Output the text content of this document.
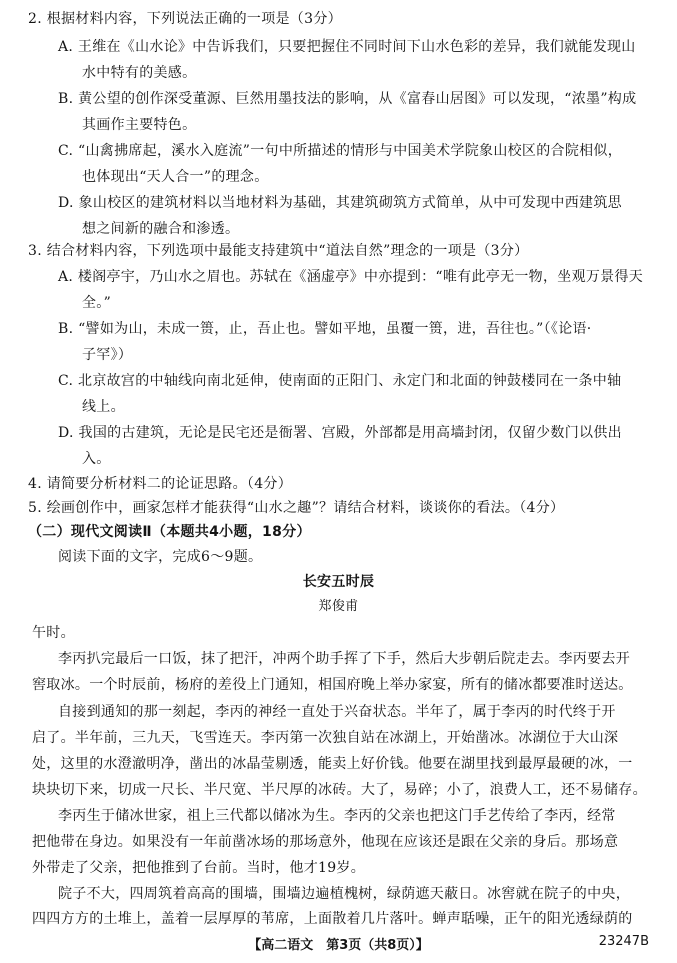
2. 根据材料内容，下列说法正确的一项是（3分）
A. 王维在《山水论》中告诉我们，只要把握住不同时间下山水色彩的差异，我们就能发现山
水中特有的美感。
B. 黄公望的创作深受董源、巨然用墨技法的影响，从《富春山居图》可以发现，“浓墨”构成
其画作主要特色。
C. “山禽拂席起，溪水入庭流”一句中所描述的情形与中国美术学院象山校区的合院相似，
也体现出“天人合一”的理念。
D. 象山校区的建筑材料以当地材料为基础，其建筑砌筑方式简单，从中可发现中西建筑思
想之间新的融合和渗透。
3. 结合材料内容，下列选项中最能支持建筑中“道法自然”理念的一项是（3分）
A. 楼阁亭宇，乃山水之眉也。苏轼在《涵虚亭》中亦提到：“唯有此亭无一物，坐观万景得天
全。”
B. “譬如为山，未成一篑，止，吾止也。譬如平地，虽覆一篑，进，吾往也。”（《论语·
子罕》）
C. 北京故宫的中轴线向南北延伸，使南面的正阳门、永定门和北面的钟鼓楼同在一条中轴
线上。
D. 我国的古建筑，无论是民宅还是衙署、宫殿，外部都是用高墙封闭，仅留少数门以供出
入。
4. 请简要分析材料二的论证思路。（4分）
5. 绘画创作中，画家怎样才能获得“山水之趣”？请结合材料，谈谈你的看法。（4分）
（二）现代文阅读Ⅱ（本题共4小题，18分）
阅读下面的文字，完成6～9题。
长安五时辰
郑俊甫
午时。
李丙扒完最后一口饭，抹了把汗，冲两个助手挥了下手，然后大步朝后院走去。李丙要去开
窖取冰。一个时辰前，杨府的差役上门通知，相国府晚上举办家宴，所有的储冰都要准时送达。
自接到通知的那一刻起，李丙的神经一直处于兴奋状态。半年了，属于李丙的时代终于开
启了。半年前，三九天，飞雪连天。李丙第一次独自站在冰湖上，开始凿冰。冰湖位于大山深
处，这里的水澄澈明净，凿出的冰晶莹剔透，能卖上好价钱。他要在湖里找到最厚最硬的冰，一
块块切下来，切成一尺长、半尺宽、半尺厚的冰砖。大了，易碎；小了，浪费人工，还不易储存。
李丙生于储冰世家，祖上三代都以储冰为生。李丙的父亲也把这门手艺传给了李丙，经常
把他带在身边。如果没有一年前凿冰场的那场意外，他现在应该还是跟在父亲的身后。那场意
外带走了父亲，把他推到了台前。当时，他才19岁。
院子不大，四周筑着高高的围墙，围墙边遍植槐树，绿荫遮天蔽日。冰窖就在院子的中央，
四四方方的土堆上，盖着一层厚厚的苇席，上面散着几片落叶。蝉声聒噪，正午的阳光透绿荫的
【高二语文　第3页（共8页）】	23247B
